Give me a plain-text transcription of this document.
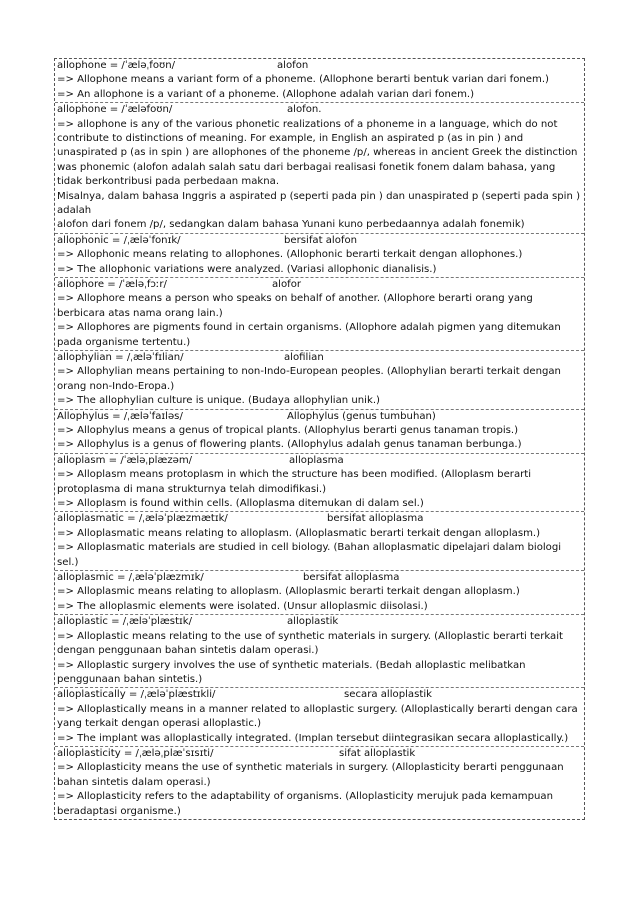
allophone = /ˈæləˌfoʊn/	alofon
=> Allophone means a variant form of a phoneme. (Allophone berarti bentuk varian dari fonem.)
=> An allophone is a variant of a phoneme. (Allophone adalah varian dari fonem.)
allophone = /ˈæləfoʊn/	alofon.
=> allophone is any of the various phonetic realizations of a phoneme in a language, which do not contribute to distinctions of meaning. For example, in English an aspirated p (as in pin ) and unaspirated p (as in spin ) are allophones of the phoneme /p/, whereas in ancient Greek the distinction was phonemic (alofon adalah salah satu dari berbagai realisasi fonetik fonem dalam bahasa, yang tidak berkontribusi pada perbedaan makna.
Misalnya, dalam bahasa Inggris a aspirated p (seperti pada pin ) dan unaspirated p (seperti pada spin ) adalah
alofon dari fonem /p/, sedangkan dalam bahasa Yunani kuno perbedaannya adalah fonemik)
allophonic = /ˌæləˈfonɪk/	bersifat alofon
=> Allophonic means relating to allophones. (Allophonic berarti terkait dengan allophones.)
=> The allophonic variations were analyzed. (Variasi allophonic dianalisis.)
allophore = /ˈæləˌfɔːr/	alofor
=> Allophore means a person who speaks on behalf of another. (Allophore berarti orang yang berbicara atas nama orang lain.)
=> Allophores are pigments found in certain organisms. (Allophore adalah pigmen yang ditemukan pada organisme tertentu.)
allophylian = /ˌæləˈfɪlian/	alofilian
=> Allophylian means pertaining to non-Indo-European peoples. (Allophylian berarti terkait dengan orang non-Indo-Eropa.)
=> The allophylian culture is unique. (Budaya allophylian unik.)
Allophylus = /ˌæləˈfaɪləs/	Allophylus (genus tumbuhan)
=> Allophylus means a genus of tropical plants. (Allophylus berarti genus tanaman tropis.)
=> Allophylus is a genus of flowering plants. (Allophylus adalah genus tanaman berbunga.)
alloplasm = /ˈæləˌplæzəm/	alloplasma
=> Alloplasm means protoplasm in which the structure has been modified. (Alloplasm berarti protoplasma di mana strukturnya telah dimodifikasi.)
=> Alloplasm is found within cells. (Alloplasma ditemukan di dalam sel.)
alloplasmatic = /ˌæləˈplæzmætɪk/	bersifat alloplasma
=> Alloplasmatic means relating to alloplasm. (Alloplasmatic berarti terkait dengan alloplasm.)
=> Alloplasmatic materials are studied in cell biology. (Bahan alloplasmatic dipelajari dalam biologi sel.)
alloplasmic = /ˌæləˈplæzmɪk/	bersifat alloplasma
=> Alloplasmic means relating to alloplasm. (Alloplasmic berarti terkait dengan alloplasm.)
=> The alloplasmic elements were isolated. (Unsur alloplasmic diisolasi.)
alloplastic = /ˌæləˈplæstɪk/	alloplastik
=> Alloplastic means relating to the use of synthetic materials in surgery. (Alloplastic berarti terkait dengan penggunaan bahan sintetis dalam operasi.)
=> Alloplastic surgery involves the use of synthetic materials. (Bedah alloplastic melibatkan penggunaan bahan sintetis.)
alloplastically = /ˌæləˈplæstɪkli/	secara alloplastik
=> Alloplastically means in a manner related to alloplastic surgery. (Alloplastically berarti dengan cara yang terkait dengan operasi alloplastic.)
=> The implant was alloplastically integrated. (Implan tersebut diintegrasikan secara alloplastically.)
alloplasticity = /ˌæləˌplæˈsɪsɪti/	sifat alloplastik
=> Alloplasticity means the use of synthetic materials in surgery. (Alloplasticity berarti penggunaan bahan sintetis dalam operasi.)
=> Alloplasticity refers to the adaptability of organisms. (Alloplasticity merujuk pada kemampuan beradaptasi organisme.)
